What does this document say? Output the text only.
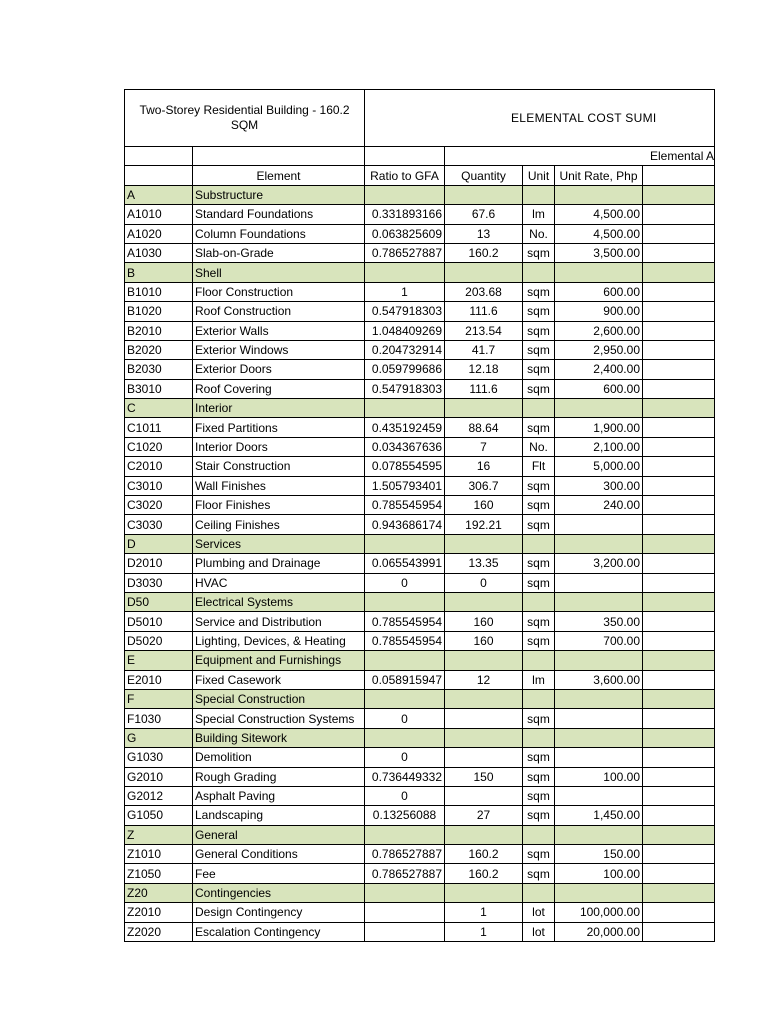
Two-Storey Residential Building - 160.2 SQM		ELEMENTAL COST SUMI				
			Elemental A			
	Element	Ratio to GFA	Quantity	Unit	Unit Rate, Php	
A	Substructure					
A1010	Standard Foundations	0.331893166	67.6	lm	4,500.00	
A1020	Column Foundations	0.063825609	13	No.	4,500.00	
A1030	Slab-on-Grade	0.786527887	160.2	sqm	3,500.00	
B	Shell					
B1010	Floor Construction	1	203.68	sqm	600.00	
B1020	Roof Construction	0.547918303	111.6	sqm	900.00	
B2010	Exterior Walls	1.048409269	213.54	sqm	2,600.00	
B2020	Exterior Windows	0.204732914	41.7	sqm	2,950.00	
B2030	Exterior Doors	0.059799686	12.18	sqm	2,400.00	
B3010	Roof Covering	0.547918303	111.6	sqm	600.00	
C	Interior					
C1011	Fixed Partitions	0.435192459	88.64	sqm	1,900.00	
C1020	Interior Doors	0.034367636	7	No.	2,100.00	
C2010	Stair Construction	0.078554595	16	Flt	5,000.00	
C3010	Wall Finishes	1.505793401	306.7	sqm	300.00	
C3020	Floor Finishes	0.785545954	160	sqm	240.00	
C3030	Ceiling Finishes	0.943686174	192.21	sqm		
D	Services					
D2010	Plumbing and Drainage	0.065543991	13.35	sqm	3,200.00	
D3030	HVAC	0	0	sqm		
D50	Electrical Systems					
D5010	Service and Distribution	0.785545954	160	sqm	350.00	
D5020	Lighting, Devices, & Heating	0.785545954	160	sqm	700.00	
E	Equipment and Furnishings					
E2010	Fixed Casework	0.058915947	12	lm	3,600.00	
F	Special Construction					
F1030	Special Construction Systems	0		sqm		
G	Building Sitework					
G1030	Demolition	0		sqm		
G2010	Rough Grading	0.736449332	150	sqm	100.00	
G2012	Asphalt Paving	0		sqm		
G1050	Landscaping	0.13256088	27	sqm	1,450.00	
Z	General					
Z1010	General Conditions	0.786527887	160.2	sqm	150.00	
Z1050	Fee	0.786527887	160.2	sqm	100.00	
Z20	Contingencies					
Z2010	Design Contingency		1	lot	100,000.00	
Z2020	Escalation Contingency		1	lot	20,000.00	
